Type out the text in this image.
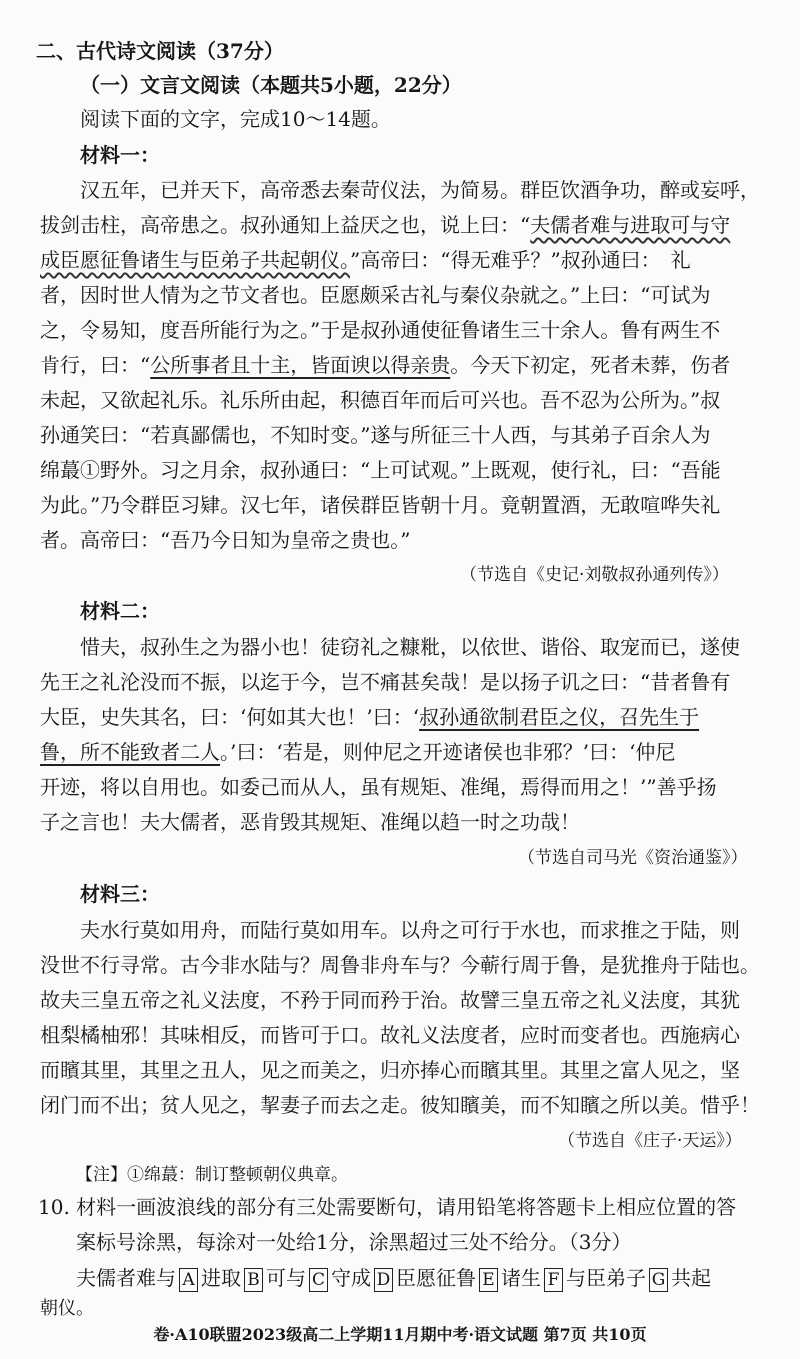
二、古代诗文阅读（37分）
（一）文言文阅读（本题共5小题，22分）
阅读下面的文字，完成10～14题。
材料一：
汉五年，已并天下，高帝悉去秦苛仪法，为简易。群臣饮酒争功，醉或妄呼，
拔剑击柱，高帝患之。叔孙通知上益厌之也，说上曰：“夫儒者难与进取可与守
成臣愿征鲁诸生与臣弟子共起朝仪。”高帝曰：“得无难乎？”叔孙通曰：　礼
者，因时世人情为之节文者也。臣愿颇采古礼与秦仪杂就之。”上曰：“可试为
之，令易知，度吾所能行为之。”于是叔孙通使征鲁诸生三十余人。鲁有两生不
肯行，曰：“公所事者且十主，皆面谀以得亲贵。今天下初定，死者未葬，伤者
未起，又欲起礼乐。礼乐所由起，积德百年而后可兴也。吾不忍为公所为。”叔
孙通笑曰：“若真鄙儒也，不知时变。”遂与所征三十人西，与其弟子百余人为
绵蕞①野外。习之月余，叔孙通曰：“上可试观。”上既观，使行礼，曰：“吾能
为此。”乃令群臣习肄。汉七年，诸侯群臣皆朝十月。竟朝置酒，无敢喧哗失礼
者。高帝曰：“吾乃今日知为皇帝之贵也。”
（节选自《史记·刘敬叔孙通列传》）
材料二：
惜夫，叔孙生之为器小也！徒窃礼之糠粃，以依世、谐俗、取宠而已，遂使
先王之礼沦没而不振，以迄于今，岂不痛甚矣哉！是以扬子讥之曰：“昔者鲁有
大臣，史失其名，曰：‘何如其大也！’曰：‘叔孙通欲制君臣之仪，召先生于
鲁，所不能致者二人。’曰：‘若是，则仲尼之开迹诸侯也非邪？’曰：‘仲尼
开迹，将以自用也。如委己而从人，虽有规矩、准绳，焉得而用之！’”善乎扬
子之言也！夫大儒者，恶肯毁其规矩、准绳以趋一时之功哉！
（节选自司马光《资治通鉴》）
材料三：
夫水行莫如用舟，而陆行莫如用车。以舟之可行于水也，而求推之于陆，则
没世不行寻常。古今非水陆与？周鲁非舟车与？今蕲行周于鲁，是犹推舟于陆也。
故夫三皇五帝之礼义法度，不矜于同而矜于治。故譬三皇五帝之礼义法度，其犹
柤梨橘柚邪！其味相反，而皆可于口。故礼义法度者，应时而变者也。西施病心
而矉其里，其里之丑人，见之而美之，归亦捧心而矉其里。其里之富人见之，坚
闭门而不出；贫人见之，挈妻子而去之走。彼知矉美，而不知矉之所以美。惜乎！
（节选自《庄子·天运》）
【注】①绵蕞：制订整顿朝仪典章。
10. 材料一画波浪线的部分有三处需要断句，请用铅笔将答题卡上相应位置的答
案标号涂黑，每涂对一处给1分，涂黑超过三处不给分。（3分）
夫儒者难与 A 进取 B 可与 C 守成 D 臣愿征鲁 E 诸生 F 与臣弟子 G 共起
朝仪。
卷·A10联盟2023级高二上学期11月期中考·语文试题 第7页 共10页
